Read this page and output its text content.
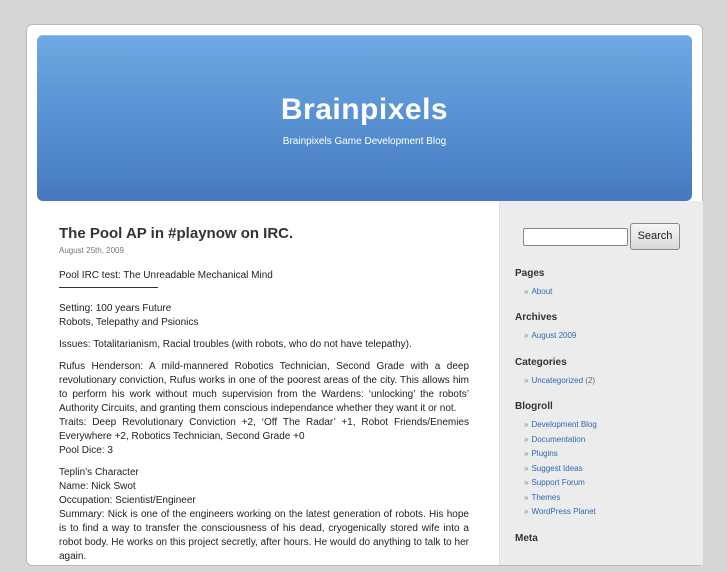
Brainpixels
Brainpixels Game Development Blog
The Pool AP in #playnow on IRC.
August 25th, 2009

Pool IRC test: The Unreadable Mechanical Mind

Setting: 100 years Future

Robots, Telepathy and Psionics

Issues: Totalitarianism, Racial troubles (with robots, who do not have telepathy).

Rufus Henderson: A mild-mannered Robotics Technician, Second Grade with a deep revolutionary conviction, Rufus works in one of the poorest areas of the city. This allows him to perform his work without much supervision from the Wardens: ‘unlocking’ the robots’ Authority Circuits, and granting them conscious independance whether they want it or not.

Traits: Deep Revolutionary Conviction +2, ‘Off The Radar’ +1, Robot Friends/Enemies Everywhere +2, Robotics Technician, Second Grade +0

Pool Dice: 3

Teplin’s Character

Name: Nick Swot

Occupation: Scientist/Engineer

Summary: Nick is one of the engineers working on the latest generation of robots. His hope is to find a way to transfer the consciousness of his dead, cryogenically stored wife into a robot body. He works on this project secretly, after hours. He would do anything to talk to her again.

Search
Pages
» About
Archives
» August 2009
Categories
» Uncategorized (2)
Blogroll
» Development Blog
» Documentation
» Plugins
» Suggest Ideas
» Support Forum
» Themes
» WordPress Planet
Meta
